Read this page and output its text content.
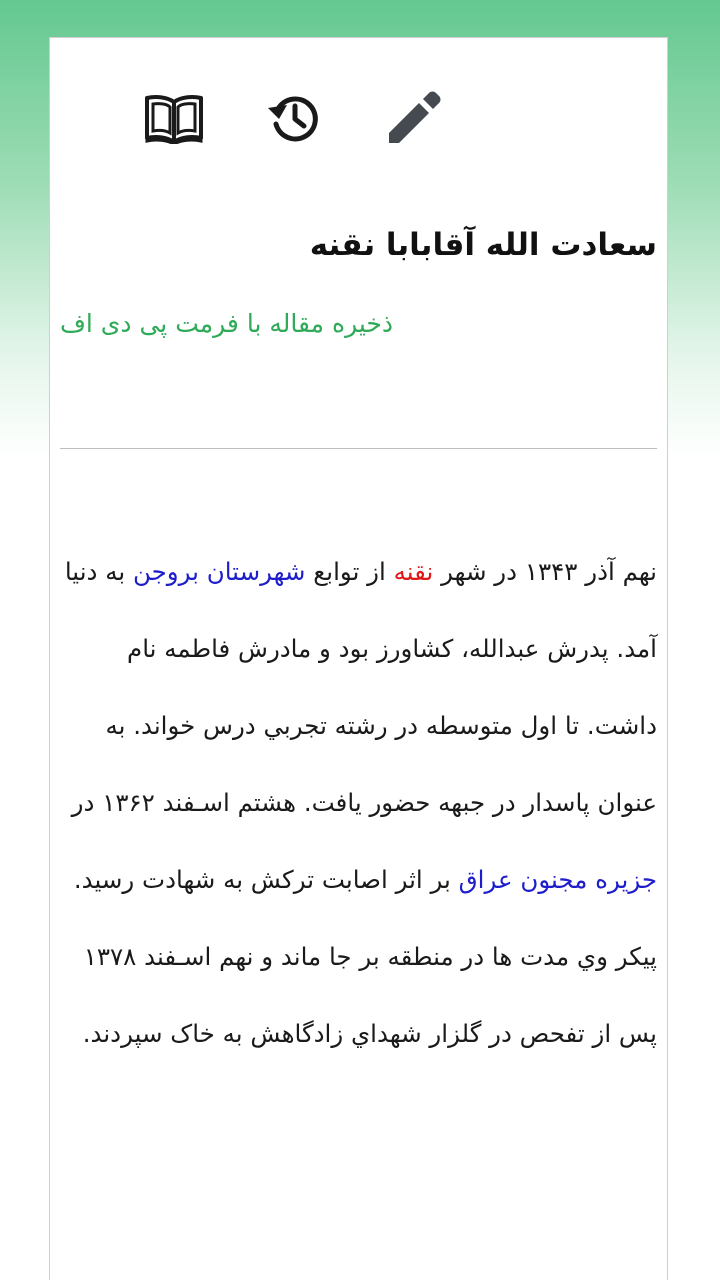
سعادت الله آقابابا نقنه
ذخیره مقاله با فرمت پی دی اف

نهم آذر ۱۳۴۳ در شهر نقنه از توابع شهرستان بروجن به دنیا آمد. پدرش عبدالله، کشاورز بود و مادرش فاطمه نام داشت. تا اول متوسطه در رشته تجربي درس خواند. به عنوان پاسدار در جبهه حضور يافت. هشتم اسـفند ۱۳۶۲ در جزیره مجنون عراق بر اثر اصابت ترکش به شهادت رسيد. پيکر وي مدت ها در منطقه بر جا ماند و نهم اسـفند ۱۳۷۸ پس از تفحص در گلزار شهداي زادگاهش به خاک سپردند.
